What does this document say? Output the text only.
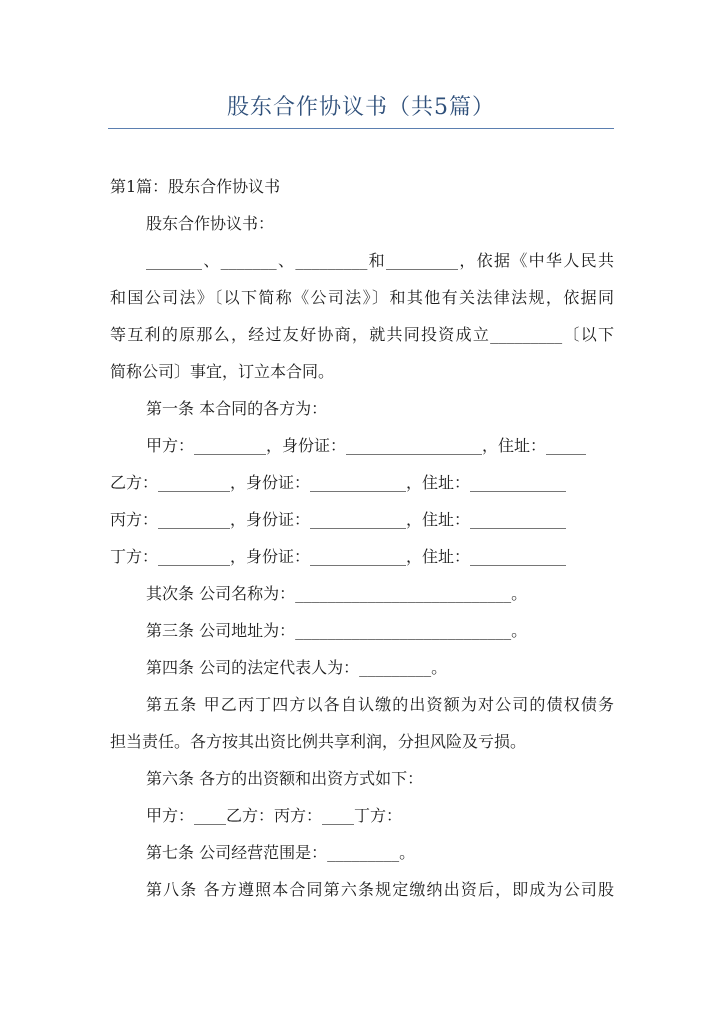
股东合作协议书（共5篇）
第1篇：股东合作协议书
股东合作协议书：
_______、_______、_________和_________，依据《中华人民共
和国公司法》〔以下简称《公司法》〕和其他有关法律法规，依据同
等互利的原那么，经过友好协商，就共同投资成立_________〔以下
简称公司〕事宜，订立本合同。
第一条 本合同的各方为：
甲方：_________，身份证：_________________，住址：_____
乙方：_________，身份证：____________，住址：____________
丙方：_________，身份证：____________，住址：____________
丁方：_________，身份证：____________，住址：____________
其次条 公司名称为：___________________________。
第三条 公司地址为：___________________________。
第四条 公司的法定代表人为：_________。
第五条 甲乙丙丁四方以各自认缴的出资额为对公司的债权债务
担当责任。各方按其出资比例共享利润，分担风险及亏损。
第六条 各方的出资额和出资方式如下：
甲方：____乙方：丙方：____丁方：
第七条 公司经营范围是：_________。
第八条 各方遵照本合同第六条规定缴纳出资后，即成为公司股
